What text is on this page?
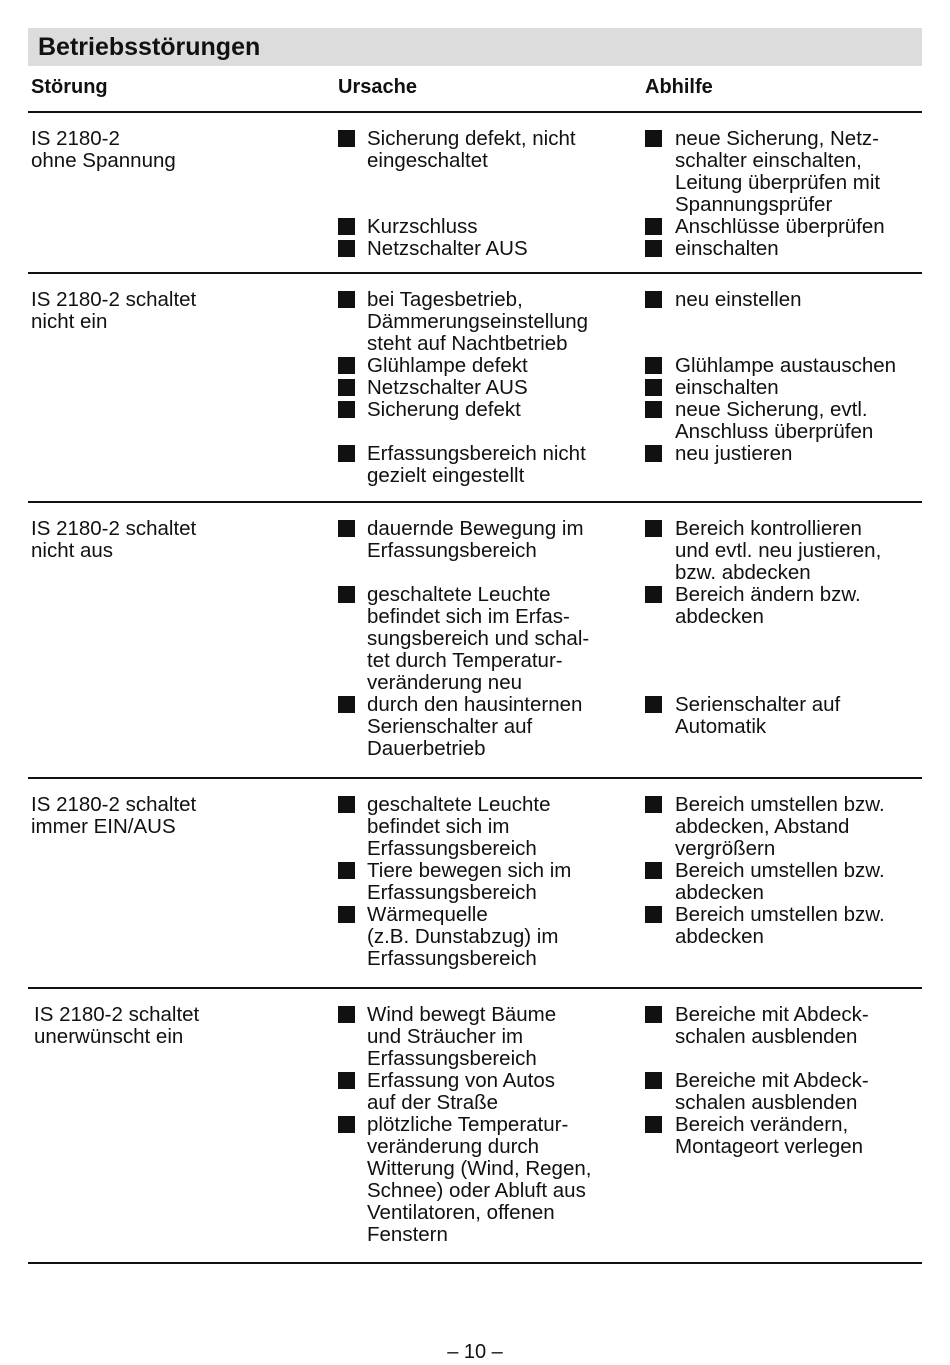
Betriebsstörungen
Störung	Ursache	Abhilfe
IS 2180-2
ohne Spannung
Sicherung defekt, nicht
eingeschaltet
Kurzschluss
Netzschalter AUS
neue Sicherung, Netz-
schalter einschalten,
Leitung überprüfen mit
Spannungsprüfer
Anschlüsse überprüfen
einschalten
IS 2180-2 schaltet
nicht ein
bei Tagesbetrieb,
Dämmerungseinstellung
steht auf Nachtbetrieb
Glühlampe defekt
Netzschalter AUS
Sicherung defekt
Erfassungsbereich nicht
gezielt eingestellt
neu einstellen
Glühlampe austauschen
einschalten
neue Sicherung, evtl.
Anschluss überprüfen
neu justieren
IS 2180-2 schaltet
nicht aus
dauernde Bewegung im
Erfassungsbereich
geschaltete Leuchte
befindet sich im Erfas-
sungsbereich und schal-
tet durch Temperatur-
veränderung neu
durch den hausinternen
Serienschalter auf
Dauerbetrieb
Bereich kontrollieren
und evtl. neu justieren,
bzw. abdecken
Bereich ändern bzw.
abdecken
Serienschalter auf
Automatik
IS 2180-2 schaltet
immer EIN/AUS
geschaltete Leuchte
befindet sich im
Erfassungsbereich
Tiere bewegen sich im
Erfassungsbereich
Wärmequelle
(z.B. Dunstabzug) im
Erfassungsbereich
Bereich umstellen bzw.
abdecken, Abstand
vergrößern
Bereich umstellen bzw.
abdecken
Bereich umstellen bzw.
abdecken
IS 2180-2 schaltet
unerwünscht ein
Wind bewegt Bäume
und Sträucher im
Erfassungsbereich
Erfassung von Autos
auf der Straße
plötzliche Temperatur-
veränderung durch
Witterung (Wind, Regen,
Schnee) oder Abluft aus
Ventilatoren, offenen
Fenstern
Bereiche mit Abdeck-
schalen ausblenden
Bereiche mit Abdeck-
schalen ausblenden
Bereich verändern,
Montageort verlegen
– 10 –
